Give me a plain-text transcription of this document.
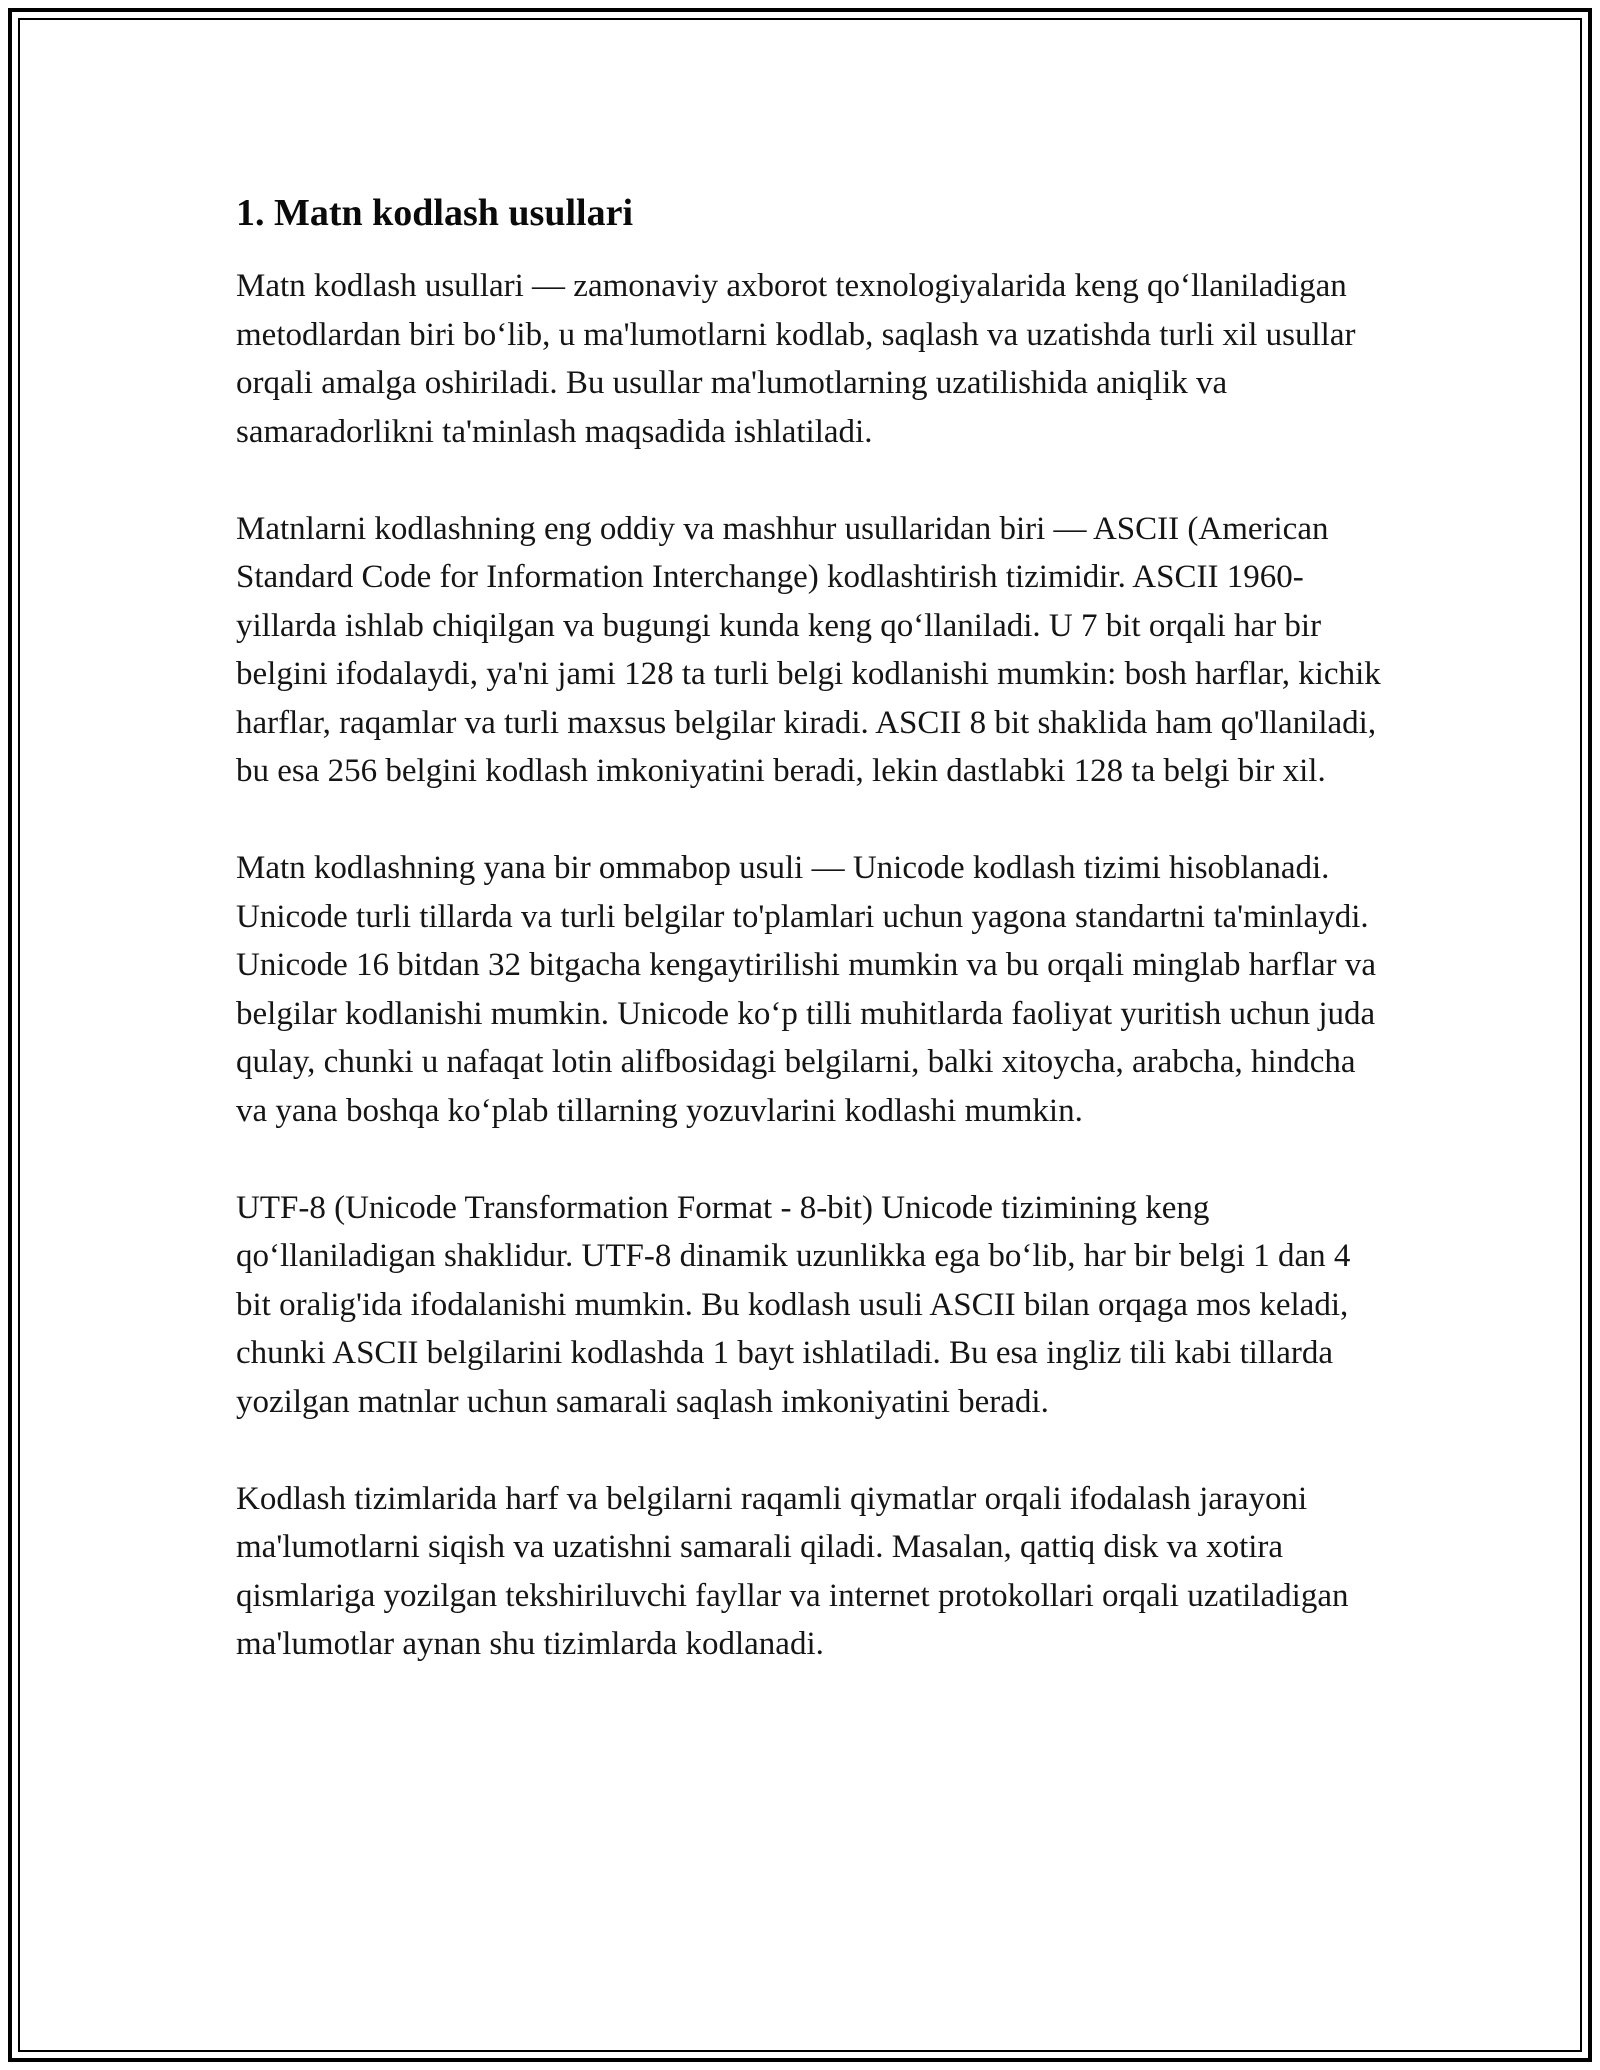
1. Matn kodlash usullari

Matn kodlash usullari — zamonaviy axborot texnologiyalarida keng qo‘llaniladigan metodlardan biri bo‘lib, u ma'lumotlarni kodlab, saqlash va uzatishda turli xil usullar orqali amalga oshiriladi. Bu usullar ma'lumotlarning uzatilishida aniqlik va samaradorlikni ta'minlash maqsadida ishlatiladi.

Matnlarni kodlashning eng oddiy va mashhur usullaridan biri — ASCII (American Standard Code for Information Interchange) kodlashtirish tizimidir. ASCII 1960-yillarda ishlab chiqilgan va bugungi kunda keng qo‘llaniladi. U 7 bit orqali har bir belgini ifodalaydi, ya'ni jami 128 ta turli belgi kodlanishi mumkin: bosh harflar, kichik harflar, raqamlar va turli maxsus belgilar kiradi. ASCII 8 bit shaklida ham qo'llaniladi, bu esa 256 belgini kodlash imkoniyatini beradi, lekin dastlabki 128 ta belgi bir xil.

Matn kodlashning yana bir ommabop usuli — Unicode kodlash tizimi hisoblanadi. Unicode turli tillarda va turli belgilar to'plamlari uchun yagona standartni ta'minlaydi. Unicode 16 bitdan 32 bitgacha kengaytirilishi mumkin va bu orqali minglab harflar va belgilar kodlanishi mumkin. Unicode ko‘p tilli muhitlarda faoliyat yuritish uchun juda qulay, chunki u nafaqat lotin alifbosidagi belgilarni, balki xitoycha, arabcha, hindcha va yana boshqa ko‘plab tillarning yozuvlarini kodlashi mumkin.

UTF-8 (Unicode Transformation Format - 8-bit) Unicode tizimining keng qo‘llaniladigan shaklidur. UTF-8 dinamik uzunlikka ega bo‘lib, har bir belgi 1 dan 4 bit oralig'ida ifodalanishi mumkin. Bu kodlash usuli ASCII bilan orqaga mos keladi, chunki ASCII belgilarini kodlashda 1 bayt ishlatiladi. Bu esa ingliz tili kabi tillarda yozilgan matnlar uchun samarali saqlash imkoniyatini beradi.

Kodlash tizimlarida harf va belgilarni raqamli qiymatlar orqali ifodalash jarayoni ma'lumotlarni siqish va uzatishni samarali qiladi. Masalan, qattiq disk va xotira qismlariga yozilgan tekshiriluvchi fayllar va internet protokollari orqali uzatiladigan ma'lumotlar aynan shu tizimlarda kodlanadi.
